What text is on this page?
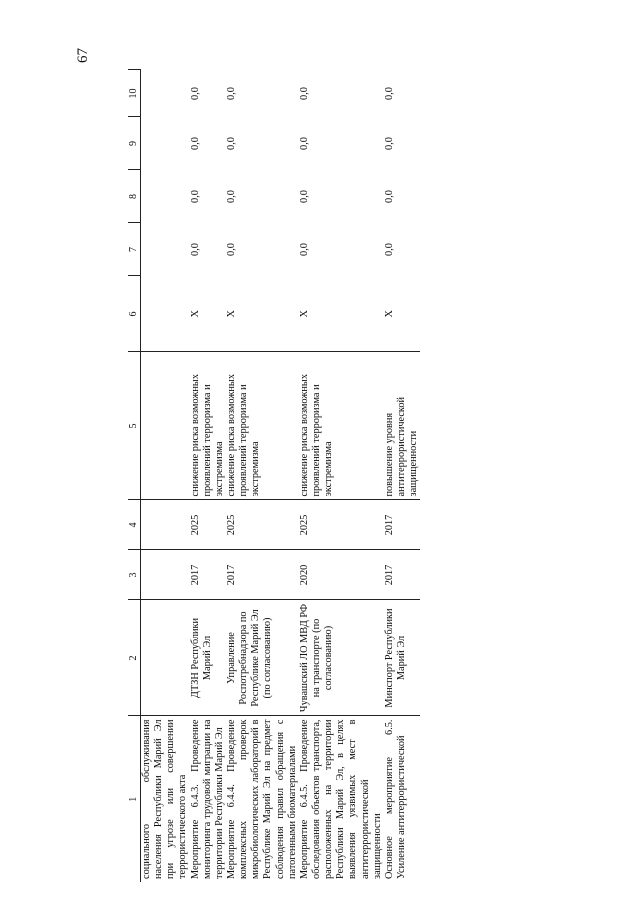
67
1	2	3	4	5	6	7	8	9	10
социального обслуживания населения Республики Марий Эл при угрозе или совершении террористического акта									
Мероприятие 6.4.3. Проведение мониторинга трудовой миграции на территории Республики Марий Эл	ДТЗН Республики Марий Эл	2017	2025	снижение риска возможных проявлений терроризма и экстремизма	X	0,0	0,0	0,0	0,0
Мероприятие 6.4.4. Проведение комплексных проверок микробиологических лабораторий в Республике Марий Эл на предмет соблюдения правил обращения с патогенными биоматериалами	Управление Роспотребнадзора по Республике Марий Эл (по согласованию)	2017	2025	снижение риска возможных проявлений терроризма и экстремизма	X	0,0	0,0	0,0	0,0
Мероприятие 6.4.5. Проведение обследования объектов транспорта, расположенных на территории Республики Марий Эл, в целях выявления уязвимых мест в антитеррористической защищенности	Чувашский ЛО МВД РФ на транспорте (по согласованию)	2020	2025	снижение риска возможных проявлений терроризма и экстремизма	X	0,0	0,0	0,0	0,0
Основное мероприятие 6.5. Усиление антитеррористической	Минспорт Республики Марий Эл	2017	2017	повышение уровня антитеррористической защищенности	X	0,0	0,0	0,0	0,0
